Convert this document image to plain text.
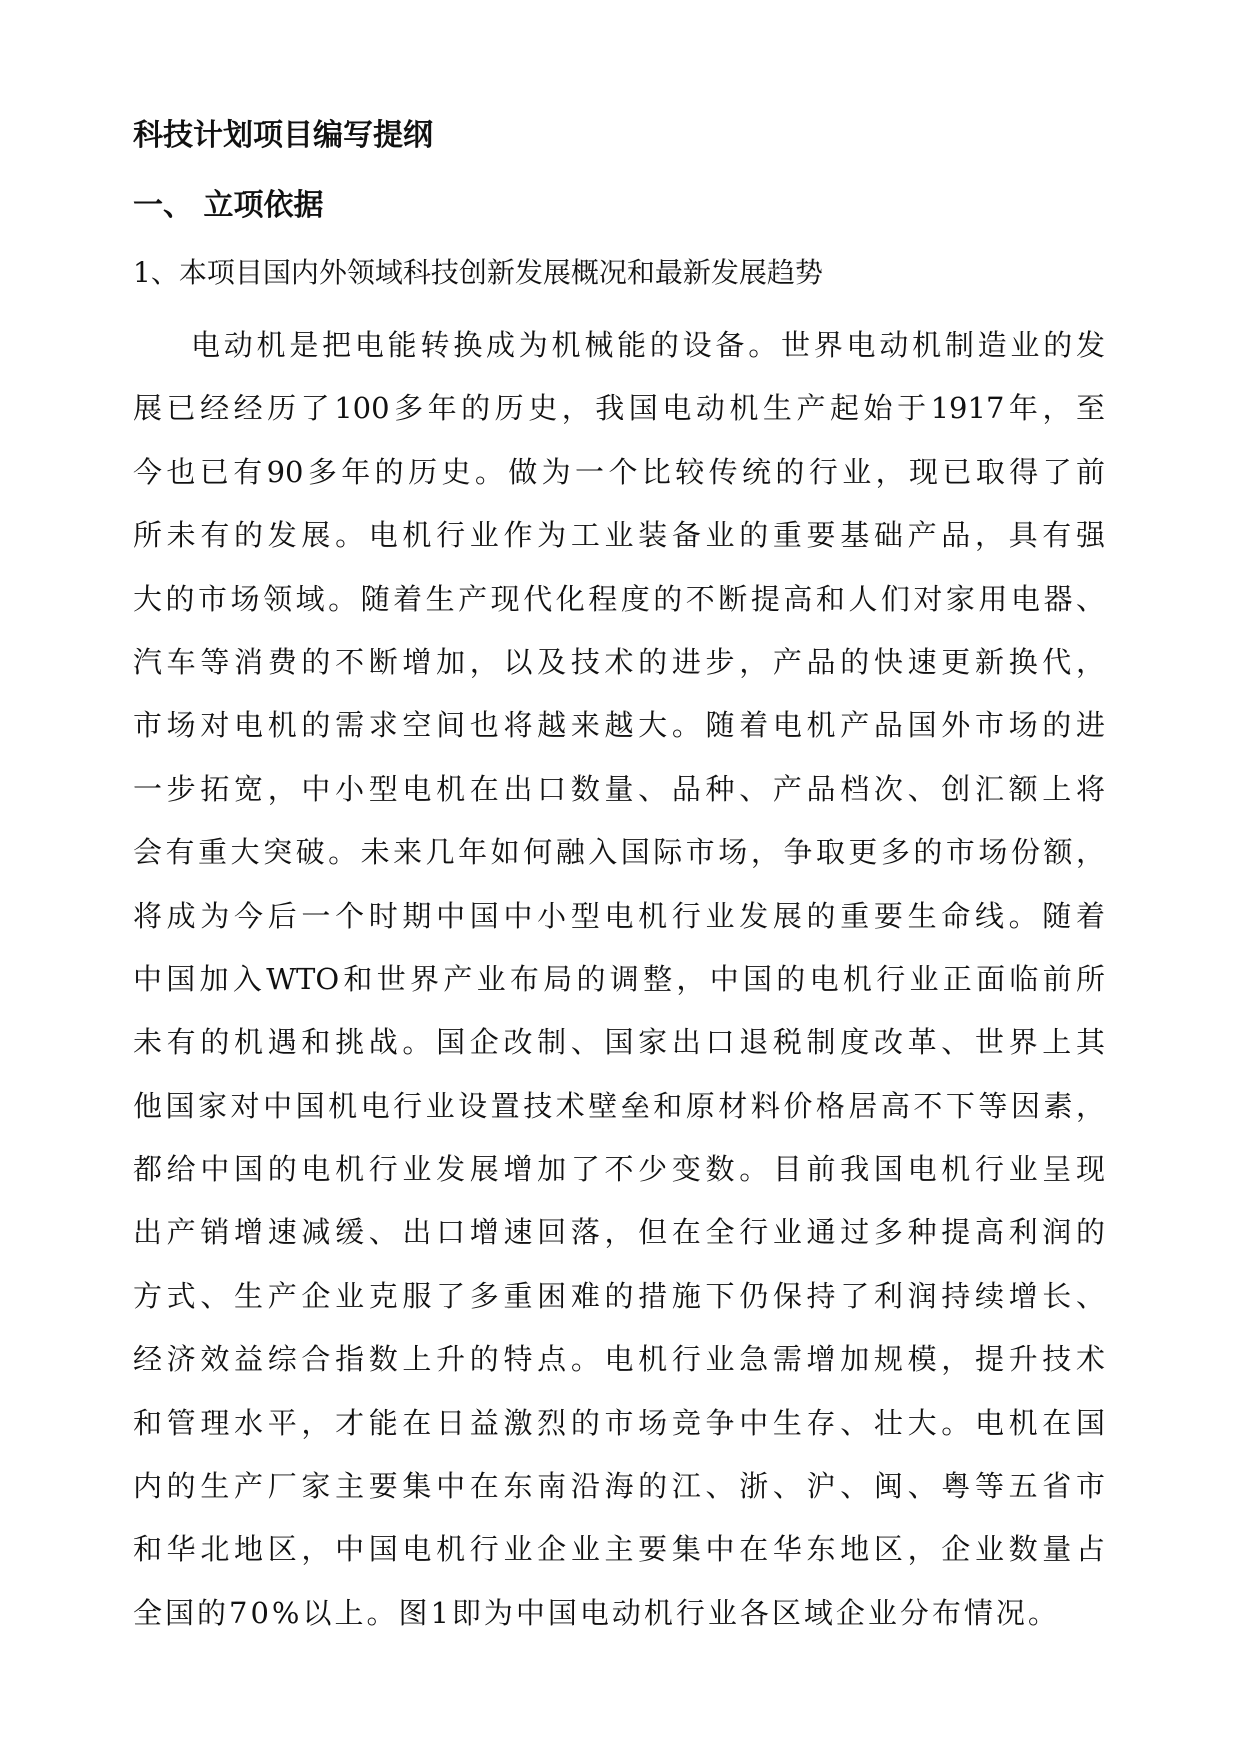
科技计划项目编写提纲
一、 立项依据
1、本项目国内外领域科技创新发展概况和最新发展趋势
电动机是把电能转换成为机械能的设备。世界电动机制造业的发
展已经经历了100多年的历史，我国电动机生产起始于1917年，至
今也已有90多年的历史。做为一个比较传统的行业，现已取得了前
所未有的发展。电机行业作为工业装备业的重要基础产品，具有强
大的市场领域。随着生产现代化程度的不断提高和人们对家用电器、
汽车等消费的不断增加，以及技术的进步，产品的快速更新换代，
市场对电机的需求空间也将越来越大。随着电机产品国外市场的进
一步拓宽，中小型电机在出口数量、品种、产品档次、创汇额上将
会有重大突破。未来几年如何融入国际市场，争取更多的市场份额，
将成为今后一个时期中国中小型电机行业发展的重要生命线。随着
中国加入WTO和世界产业布局的调整，中国的电机行业正面临前所
未有的机遇和挑战。国企改制、国家出口退税制度改革、世界上其
他国家对中国机电行业设置技术壁垒和原材料价格居高不下等因素，
都给中国的电机行业发展增加了不少变数。目前我国电机行业呈现
出产销增速减缓、出口增速回落，但在全行业通过多种提高利润的
方式、生产企业克服了多重困难的措施下仍保持了利润持续增长、
经济效益综合指数上升的特点。电机行业急需增加规模，提升技术
和管理水平，才能在日益激烈的市场竞争中生存、壮大。电机在国
内的生产厂家主要集中在东南沿海的江、浙、沪、闽、粤等五省市
和华北地区，中国电机行业企业主要集中在华东地区，企业数量占
全国的70%以上。图1即为中国电动机行业各区域企业分布情况。
